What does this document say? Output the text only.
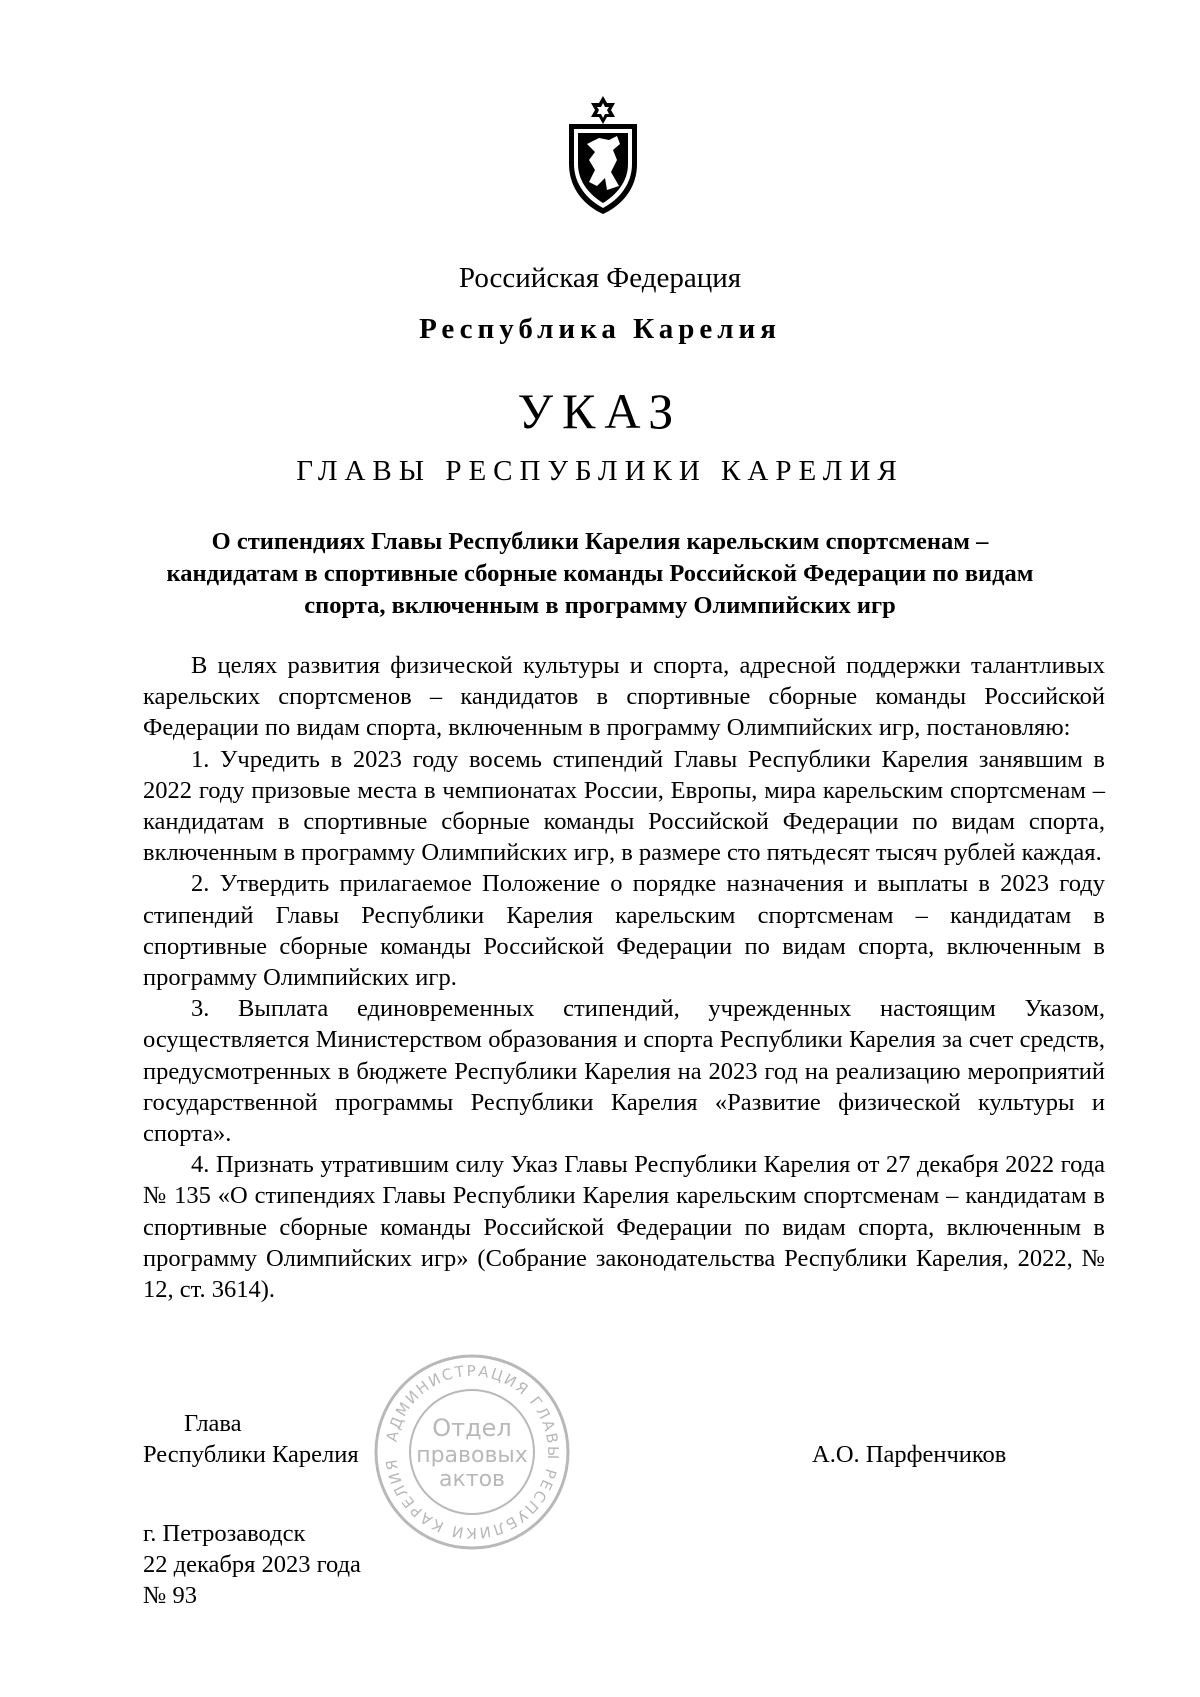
Российская Федерация
Республика Карелия
УКАЗ
ГЛАВЫ РЕСПУБЛИКИ КАРЕЛИЯ
О стипендиях Главы Республики Карелия карельским спортсменам – кандидатам в спортивные сборные команды Российской Федерации по видам спорта, включенным в программу Олимпийских игр

В целях развития физической культуры и спорта, адресной поддержки талантливых карельских спортсменов – кандидатов в спортивные сборные команды Российской Федерации по видам спорта, включенным в программу Олимпийских игр, постановляю:

1. Учредить в 2023 году восемь стипендий Главы Республики Карелия занявшим в 2022 году призовые места в чемпионатах России, Европы, мира карельским спортсменам – кандидатам в спортивные сборные команды Российской Федерации по видам спорта, включенным в программу Олимпийских игр, в размере сто пятьдесят тысяч рублей каждая.

2. Утвердить прилагаемое Положение о порядке назначения и выплаты в 2023 году стипендий Главы Республики Карелия карельским спортсменам – кандидатам в спортивные сборные команды Российской Федерации по видам спорта, включенным в программу Олимпийских игр.

3. Выплата единовременных стипендий, учрежденных настоящим Указом, осуществляется Министерством образования и спорта Республики Карелия за счет средств, предусмотренных в бюджете Республики Карелия на 2023 год на реализацию мероприятий государственной программы Республики Карелия «Развитие физической культуры и спорта».

4. Признать утратившим силу Указ Главы Республики Карелия от 27 декабря 2022 года № 135 «О стипендиях Главы Республики Карелия карельским спортсменам – кандидатам в спортивные сборные команды Российской Федерации по видам спорта, включенным в программу Олимпийских игр» (Собрание законодательства Республики Карелия, 2022, № 12, ст. 3614).

Глава
Республики Карелия	А.О. Парфенчиков
г. Петрозаводск
22 декабря 2023 года
№ 93
АДМИНИСТРАЦИЯ ГЛАВЫ РЕСПУБЛИКИ КАРЕЛИЯ
Отдел
правовых
актов
